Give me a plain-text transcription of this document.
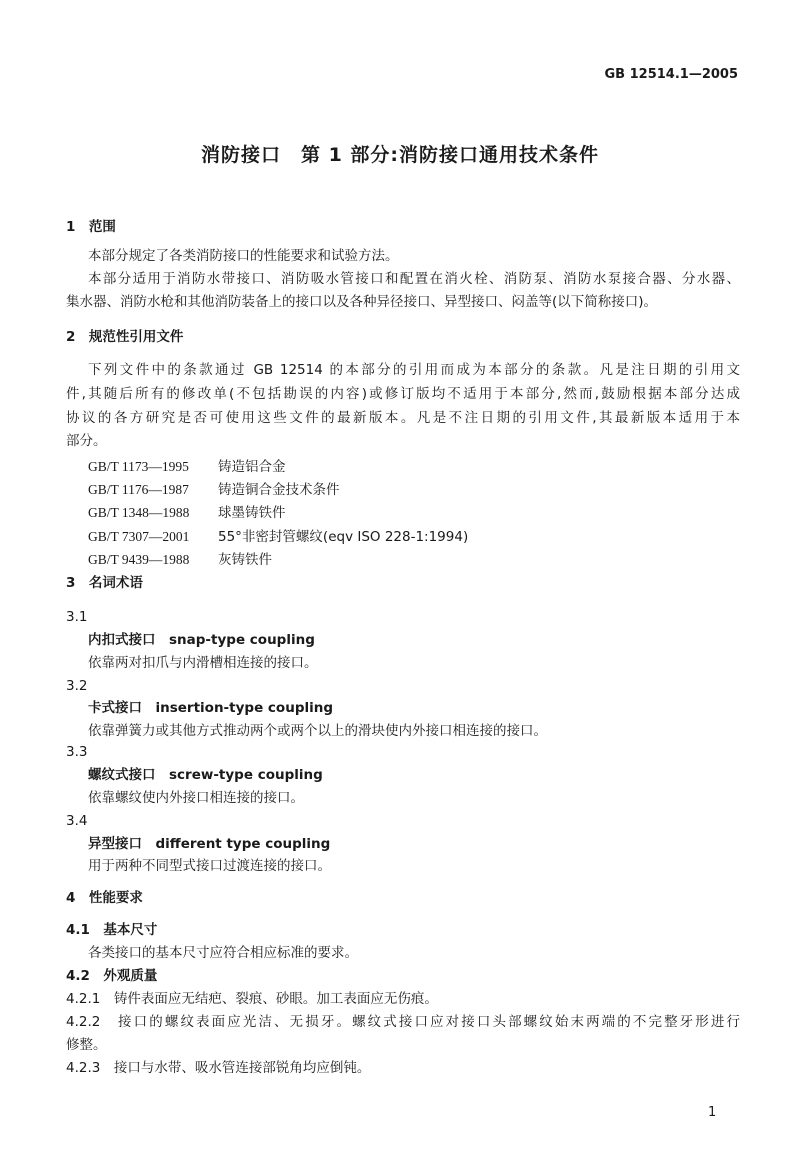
GB 12514.1—2005
消防接口　第 1 部分:消防接口通用技术条件
1　范围
本部分规定了各类消防接口的性能要求和试验方法。
本部分适用于消防水带接口、消防吸水管接口和配置在消火栓、消防泵、消防水泵接合器、分水器、
集水器、消防水枪和其他消防装备上的接口以及各种异径接口、异型接口、闷盖等(以下简称接口)。
2　规范性引用文件
下列文件中的条款通过 GB 12514 的本部分的引用而成为本部分的条款。凡是注日期的引用文
件,其随后所有的修改单(不包括勘误的内容)或修订版均不适用于本部分,然而,鼓励根据本部分达成
协议的各方研究是否可使用这些文件的最新版本。凡是不注日期的引用文件,其最新版本适用于本
部分。
GB/T 1173—1995 铸造铝合金
GB/T 1176—1987 铸造铜合金技术条件
GB/T 1348—1988 球墨铸铁件
GB/T 7307—2001 55°非密封管螺纹(eqv ISO 228-1:1994)
GB/T 9439—1988 灰铸铁件
3　名词术语
3.1
内扣式接口　snap-type coupling
依靠两对扣爪与内滑槽相连接的接口。
3.2
卡式接口　insertion-type coupling
依靠弹簧力或其他方式推动两个或两个以上的滑块使内外接口相连接的接口。
3.3
螺纹式接口　screw-type coupling
依靠螺纹使内外接口相连接的接口。
3.4
异型接口　different type coupling
用于两种不同型式接口过渡连接的接口。
4　性能要求
4.1　基本尺寸
各类接口的基本尺寸应符合相应标准的要求。
4.2　外观质量
4.2.1　铸件表面应无结疤、裂痕、砂眼。加工表面应无伤痕。
4.2.2　接口的螺纹表面应光洁、无损牙。螺纹式接口应对接口头部螺纹始末两端的不完整牙形进行
修整。
4.2.3　接口与水带、吸水管连接部锐角均应倒钝。
1
